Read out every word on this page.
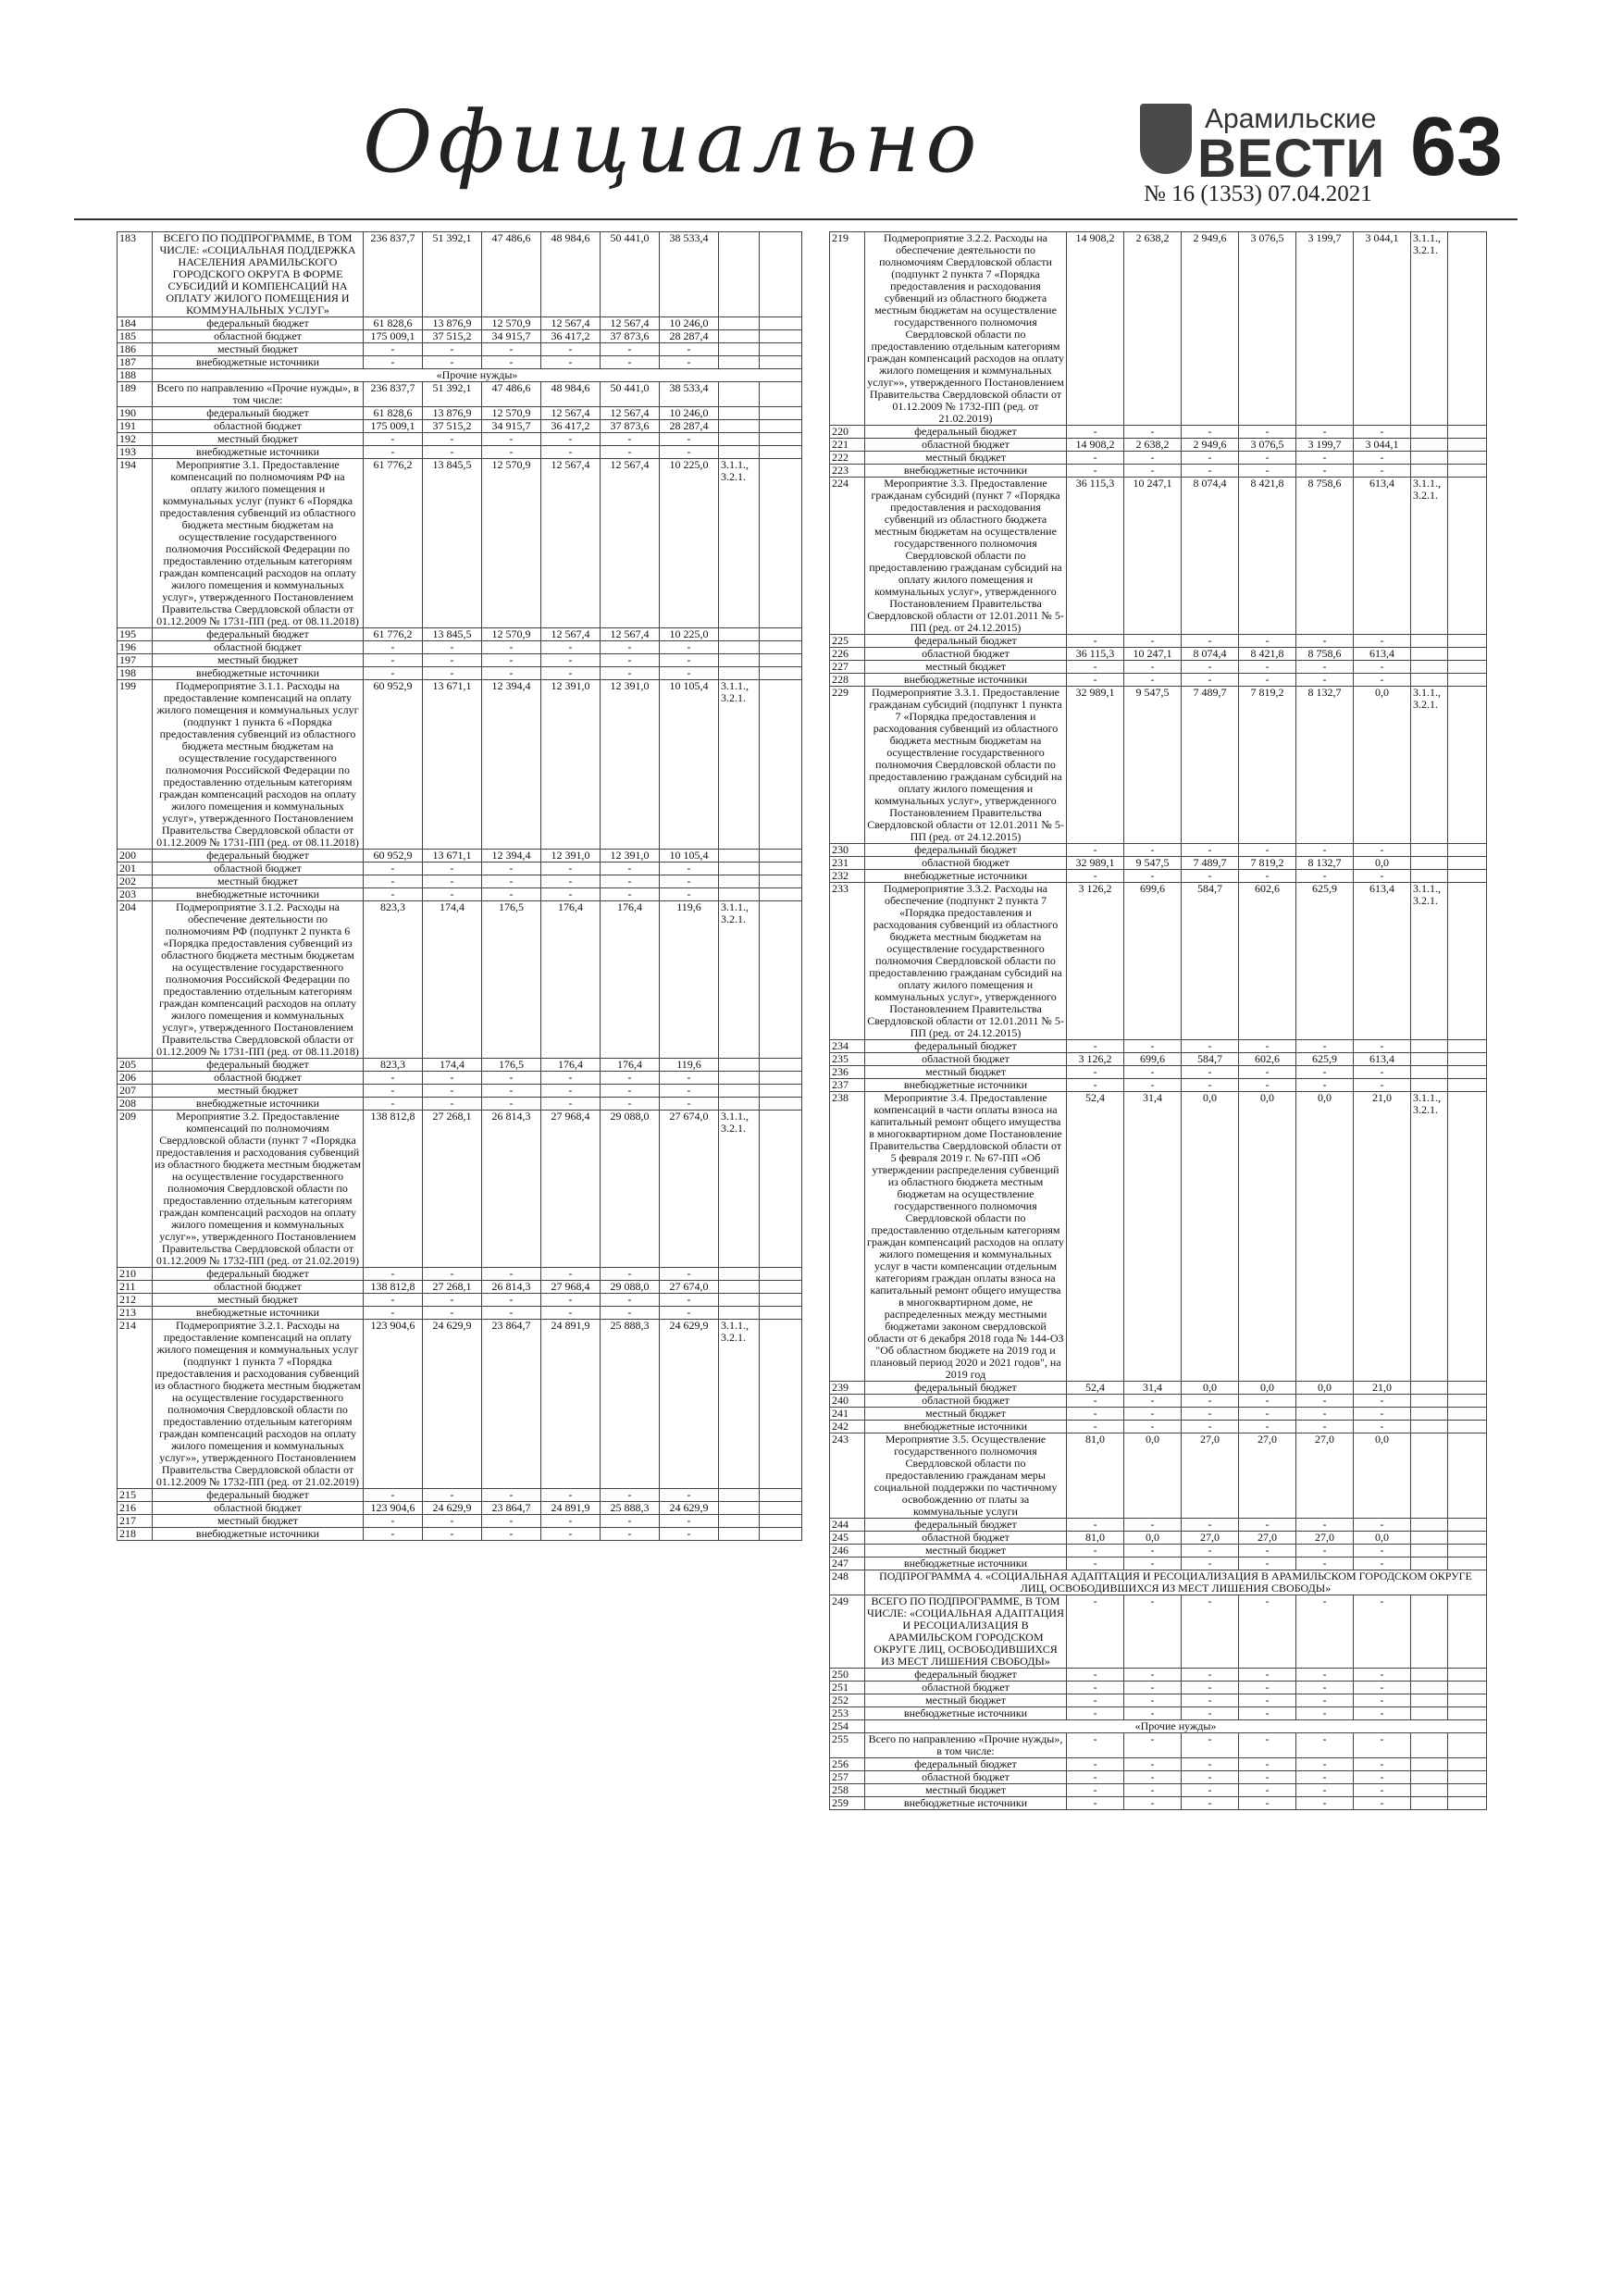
Официально	Арамильские
ВЕСТИ 63
№ 16 (1353) 07.04.2021
183	ВСЕГО ПО ПОДПРОГРАММЕ, В ТОМ ЧИСЛЕ: «СОЦИАЛЬНАЯ ПОДДЕРЖКА НАСЕЛЕНИЯ АРАМИЛЬСКОГО ГОРОДСКОГО ОКРУГА В ФОРМЕ СУБСИДИЙ И КОМПЕНСАЦИЙ НА ОПЛАТУ ЖИЛОГО ПОМЕЩЕНИЯ И КОММУНАЛЬНЫХ УСЛУГ»	236 837,7	51 392,1	47 486,6	48 984,6	50 441,0	38 533,4		
184	федеральный бюджет	61 828,6	13 876,9	12 570,9	12 567,4	12 567,4	10 246,0		
185	областной бюджет	175 009,1	37 515,2	34 915,7	36 417,2	37 873,6	28 287,4		
186	местный бюджет	-	-	-	-	-	-		
187	внебюджетные источники	-	-	-	-	-	-		
188	«Прочие нужды»								
189	Всего по направлению «Прочие нужды», в том числе:	236 837,7	51 392,1	47 486,6	48 984,6	50 441,0	38 533,4		
190	федеральный бюджет	61 828,6	13 876,9	12 570,9	12 567,4	12 567,4	10 246,0		
191	областной бюджет	175 009,1	37 515,2	34 915,7	36 417,2	37 873,6	28 287,4		
192	местный бюджет	-	-	-	-	-	-		
193	внебюджетные источники	-	-	-	-	-	-		
194	Мероприятие 3.1. Предоставление компенсаций по полномочиям РФ на оплату жилого помещения и коммунальных услуг (пункт 6 «Порядка предоставления субвенций из областного бюджета местным бюджетам на осуществление государственного полномочия Российской Федерации по предоставлению отдельным категориям граждан компенсаций расходов на оплату жилого помещения и коммунальных услуг», утвержденного Постановлением Правительства Свердловской области от 01.12.2009 № 1731-ПП (ред. от 08.11.2018)	61 776,2	13 845,5	12 570,9	12 567,4	12 567,4	10 225,0	3.1.1., 3.2.1.	
195	федеральный бюджет	61 776,2	13 845,5	12 570,9	12 567,4	12 567,4	10 225,0		
196	областной бюджет	-	-	-	-	-	-		
197	местный бюджет	-	-	-	-	-	-		
198	внебюджетные источники	-	-	-	-	-	-		
199	Подмероприятие 3.1.1. Расходы на предоставление компенсаций на оплату жилого помещения и коммунальных услуг (подпункт 1 пункта 6 «Порядка предоставления субвенций из областного бюджета местным бюджетам на осуществление государственного полномочия Российской Федерации по предоставлению отдельным категориям граждан компенсаций расходов на оплату жилого помещения и коммунальных услуг», утвержденного Постановлением Правительства Свердловской области от 01.12.2009 № 1731-ПП (ред. от 08.11.2018)	60 952,9	13 671,1	12 394,4	12 391,0	12 391,0	10 105,4	3.1.1., 3.2.1.	
200	федеральный бюджет	60 952,9	13 671,1	12 394,4	12 391,0	12 391,0	10 105,4		
201	областной бюджет	-	-	-	-	-	-		
202	местный бюджет	-	-	-	-	-	-		
203	внебюджетные источники	-	-	-	-	-	-		
204	Подмероприятие 3.1.2. Расходы на обеспечение деятельности по полномочиям РФ (подпункт 2 пункта 6 «Порядка предоставления субвенций из областного бюджета местным бюджетам на осуществление государственного полномочия Российской Федерации по предоставлению отдельным категориям граждан компенсаций расходов на оплату жилого помещения и коммунальных услуг», утвержденного Постановлением Правительства Свердловской области от 01.12.2009 № 1731-ПП (ред. от 08.11.2018)	823,3	174,4	176,5	176,4	176,4	119,6	3.1.1., 3.2.1.	
205	федеральный бюджет	823,3	174,4	176,5	176,4	176,4	119,6		
206	областной бюджет	-	-	-	-	-	-		
207	местный бюджет	-	-	-	-	-	-		
208	внебюджетные источники	-	-	-	-	-	-		
209	Мероприятие 3.2. Предоставление компенсаций по полномочиям Свердловской области (пункт 7 «Порядка предоставления и расходования субвенций из областного бюджета местным бюджетам на осуществление государственного полномочия Свердловской области по предоставлению отдельным категориям граждан компенсаций расходов на оплату жилого помещения и коммунальных услуг»», утвержденного Постановлением Правительства Свердловской области от 01.12.2009 № 1732-ПП (ред. от 21.02.2019)	138 812,8	27 268,1	26 814,3	27 968,4	29 088,0	27 674,0	3.1.1., 3.2.1.	
210	федеральный бюджет	-	-	-	-	-	-		
211	областной бюджет	138 812,8	27 268,1	26 814,3	27 968,4	29 088,0	27 674,0		
212	местный бюджет	-	-	-	-	-	-		
213	внебюджетные источники	-	-	-	-	-	-		
214	Подмероприятие 3.2.1. Расходы на предоставление компенсаций на оплату жилого помещения и коммунальных услуг (подпункт 1 пункта 7 «Порядка предоставления и расходования субвенций из областного бюджета местным бюджетам на осуществление государственного полномочия Свердловской области по предоставлению отдельным категориям граждан компенсаций расходов на оплату жилого помещения и коммунальных услуг»», утвержденного Постановлением Правительства Свердловской области от 01.12.2009 № 1732-ПП (ред. от 21.02.2019)	123 904,6	24 629,9	23 864,7	24 891,9	25 888,3	24 629,9	3.1.1., 3.2.1.	
215	федеральный бюджет	-	-	-	-	-	-		
216	областной бюджет	123 904,6	24 629,9	23 864,7	24 891,9	25 888,3	24 629,9		
217	местный бюджет	-	-	-	-	-	-		
218	внебюджетные источники	-	-	-	-	-	-		
219	Подмероприятие 3.2.2. Расходы на обеспечение деятельности по полномочиям Свердловской области (подпункт 2 пункта 7 «Порядка предоставления и расходования субвенций из областного бюджета местным бюджетам на осуществление государственного полномочия Свердловской области по предоставлению отдельным категориям граждан компенсаций расходов на оплату жилого помещения и коммунальных услуг»», утвержденного Постановлением Правительства Свердловской области от 01.12.2009 № 1732-ПП (ред. от 21.02.2019)	14 908,2	2 638,2	2 949,6	3 076,5	3 199,7	3 044,1	3.1.1., 3.2.1.	
220	федеральный бюджет	-	-	-	-	-	-		
221	областной бюджет	14 908,2	2 638,2	2 949,6	3 076,5	3 199,7	3 044,1		
222	местный бюджет	-	-	-	-	-	-		
223	внебюджетные источники	-	-	-	-	-	-		
224	Мероприятие 3.3. Предоставление гражданам субсидий (пункт 7 «Порядка предоставления и расходования субвенций из областного бюджета местным бюджетам на осуществление государственного полномочия Свердловской области по предоставлению гражданам субсидий на оплату жилого помещения и коммунальных услуг», утвержденного Постановлением Правительства Свердловской области от 12.01.2011 № 5-ПП (ред. от 24.12.2015)	36 115,3	10 247,1	8 074,4	8 421,8	8 758,6	613,4	3.1.1., 3.2.1.	
225	федеральный бюджет	-	-	-	-	-	-		
226	областной бюджет	36 115,3	10 247,1	8 074,4	8 421,8	8 758,6	613,4		
227	местный бюджет	-	-	-	-	-	-		
228	внебюджетные источники	-	-	-	-	-	-		
229	Подмероприятие 3.3.1. Предоставление гражданам субсидий (подпункт 1 пункта 7 «Порядка предоставления и расходования субвенций из областного бюджета местным бюджетам на осуществление государственного полномочия Свердловской области по предоставлению гражданам субсидий на оплату жилого помещения и коммунальных услуг», утвержденного Постановлением Правительства Свердловской области от 12.01.2011 № 5-ПП (ред. от 24.12.2015)	32 989,1	9 547,5	7 489,7	7 819,2	8 132,7	0,0	3.1.1., 3.2.1.	
230	федеральный бюджет	-	-	-	-	-	-		
231	областной бюджет	32 989,1	9 547,5	7 489,7	7 819,2	8 132,7	0,0		
232	внебюджетные источники	-	-	-	-	-	-		
233	Подмероприятие 3.3.2. Расходы на обеспечение (подпункт 2 пункта 7 «Порядка предоставления и расходования субвенций из областного бюджета местным бюджетам на осуществление государственного полномочия Свердловской области по предоставлению гражданам субсидий на оплату жилого помещения и коммунальных услуг», утвержденного Постановлением Правительства Свердловской области от 12.01.2011 № 5-ПП (ред. от 24.12.2015)	3 126,2	699,6	584,7	602,6	625,9	613,4	3.1.1., 3.2.1.	
234	федеральный бюджет	-	-	-	-	-	-		
235	областной бюджет	3 126,2	699,6	584,7	602,6	625,9	613,4		
236	местный бюджет	-	-	-	-	-	-		
237	внебюджетные источники	-	-	-	-	-	-		
238	Мероприятие 3.4. Предоставление компенсаций в части оплаты взноса на капитальный ремонт общего имущества в многоквартирном доме Постановление Правительства Свердловской области от 5 февраля 2019 г. № 67-ПП «Об утверждении распределения субвенций из областного бюджета местным бюджетам на осуществление государственного полномочия Свердловской области по предоставлению отдельным категориям граждан компенсаций расходов на оплату жилого помещения и коммунальных услуг в части компенсации отдельным категориям граждан оплаты взноса на капитальный ремонт общего имущества в многоквартирном доме, не распределенных между местными бюджетами законом свердловской области от 6 декабря 2018 года № 144-ОЗ "Об областном бюджете на 2019 год и плановый период 2020 и 2021 годов", на 2019 год	52,4	31,4	0,0	0,0	0,0	21,0	3.1.1., 3.2.1.	
239	федеральный бюджет	52,4	31,4	0,0	0,0	0,0	21,0		
240	областной бюджет	-	-	-	-	-	-		
241	местный бюджет	-	-	-	-	-	-		
242	внебюджетные источники	-	-	-	-	-	-		
243	Мероприятие 3.5. Осуществление государственного полномочия Свердловской области по предоставлению гражданам меры социальной поддержки по частичному освобождению от платы за коммунальные услуги	81,0	0,0	27,0	27,0	27,0	0,0		
244	федеральный бюджет	-	-	-	-	-	-		
245	областной бюджет	81,0	0,0	27,0	27,0	27,0	0,0		
246	местный бюджет	-	-	-	-	-	-		
247	внебюджетные источники	-	-	-	-	-	-		
248	ПОДПРОГРАММА 4. «СОЦИАЛЬНАЯ АДАПТАЦИЯ И РЕСОЦИАЛИЗАЦИЯ В АРАМИЛЬСКОМ ГОРОДСКОМ ОКРУГЕ ЛИЦ, ОСВОБОДИВШИХСЯ ИЗ МЕСТ ЛИШЕНИЯ СВОБОДЫ»								
249	ВСЕГО ПО ПОДПРОГРАММЕ, В ТОМ ЧИСЛЕ: «СОЦИАЛЬНАЯ АДАПТАЦИЯ И РЕСОЦИАЛИЗАЦИЯ В АРАМИЛЬСКОМ ГОРОДСКОМ ОКРУГЕ ЛИЦ, ОСВОБОДИВШИХСЯ ИЗ МЕСТ ЛИШЕНИЯ СВОБОДЫ»	-	-	-	-	-	-		
250	федеральный бюджет	-	-	-	-	-	-		
251	областной бюджет	-	-	-	-	-	-		
252	местный бюджет	-	-	-	-	-	-		
253	внебюджетные источники	-	-	-	-	-	-		
254	«Прочие нужды»								
255	Всего по направлению «Прочие нужды», в том числе:	-	-	-	-	-	-		
256	федеральный бюджет	-	-	-	-	-	-		
257	областной бюджет	-	-	-	-	-	-		
258	местный бюджет	-	-	-	-	-	-		
259	внебюджетные источники	-	-	-	-	-	-		
